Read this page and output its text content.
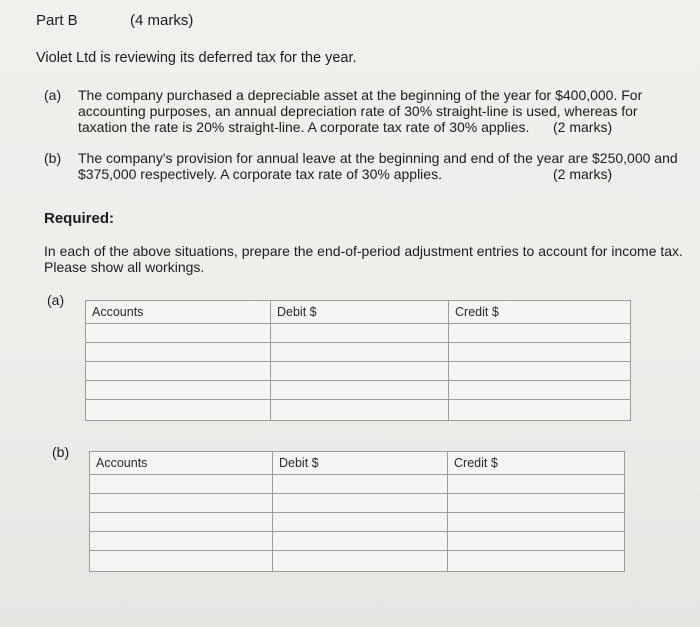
Part B	(4 marks)
Violet Ltd is reviewing its deferred tax for the year.
(a) The company purchased a depreciable asset at the beginning of the year for $400,000. For
accounting purposes, an annual depreciation rate of 30% straight-line is used, whereas for
taxation the rate is 20% straight-line. A corporate tax rate of 30% applies.	(2 marks)
(b) The company's provision for annual leave at the beginning and end of the year are $250,000 and
$375,000 respectively. A corporate tax rate of 30% applies.	(2 marks)
Required:
In each of the above situations, prepare the end-of-period adjustment entries to account for income tax.
Please show all workings.
(a)
Accounts	Debit $	Credit $

(b)
Accounts	Debit $	Credit $
